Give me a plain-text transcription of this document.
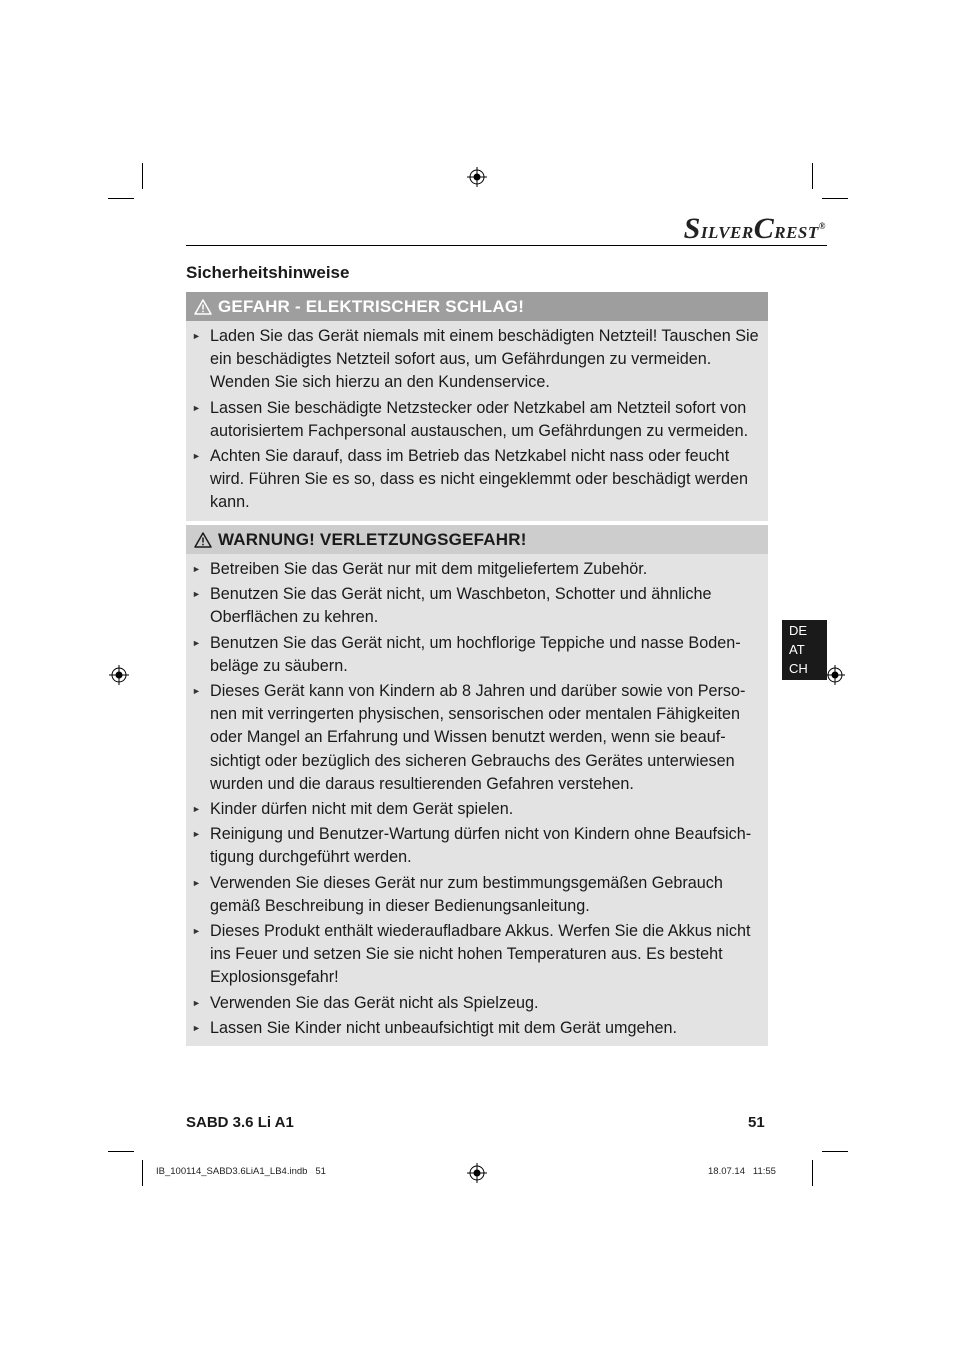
SilverCrest®
Sicherheitshinweise
GEFAHR - ELEKTRISCHER SCHLAG!
► Laden Sie das Gerät niemals mit einem beschädigten Netzteil! Tauschen Sie ein beschädigtes Netzteil sofort aus, um Gefährdungen zu vermeiden. Wenden Sie sich hierzu an den Kundenservice.
► Lassen Sie beschädigte Netzstecker oder Netzkabel am Netzteil sofort von autorisiertem Fachpersonal austauschen, um Gefährdungen zu vermeiden.
► Achten Sie darauf, dass im Betrieb das Netzkabel nicht nass oder feucht wird. Führen Sie es so, dass es nicht eingeklemmt oder beschädigt werden kann.
WARNUNG! VERLETZUNGSGEFAHR!
► Betreiben Sie das Gerät nur mit dem mitgeliefertem Zubehör.
► Benutzen Sie das Gerät nicht, um Waschbeton, Schotter und ähnliche Oberflächen zu kehren.
► Benutzen Sie das Gerät nicht, um hochflorige Teppiche und nasse Bodenbeläge zu säubern.
► Dieses Gerät kann von Kindern ab 8 Jahren und darüber sowie von Personen mit verringerten physischen, sensorischen oder mentalen Fähigkeiten oder Mangel an Erfahrung und Wissen benutzt werden, wenn sie beaufsichtigt oder bezüglich des sicheren Gebrauchs des Gerätes unterwiesen wurden und die daraus resultierenden Gefahren verstehen.
► Kinder dürfen nicht mit dem Gerät spielen.
► Reinigung und Benutzer-Wartung dürfen nicht von Kindern ohne Beaufsichtigung durchgeführt werden.
► Verwenden Sie dieses Gerät nur zum bestimmungsgemäßen Gebrauch gemäß Beschreibung in dieser Bedienungsanleitung.
► Dieses Produkt enthält wiederaufladbare Akkus. Werfen Sie die Akkus nicht ins Feuer und setzen Sie sie nicht hohen Temperaturen aus. Es besteht Explosionsgefahr!
► Verwenden Sie das Gerät nicht als Spielzeug.
► Lassen Sie Kinder nicht unbeaufsichtigt mit dem Gerät umgehen.
DE
AT
CH
SABD 3.6 Li A1	51
IB_100114_SABD3.6LiA1_LB4.indb   51	18.07.14   11:55
